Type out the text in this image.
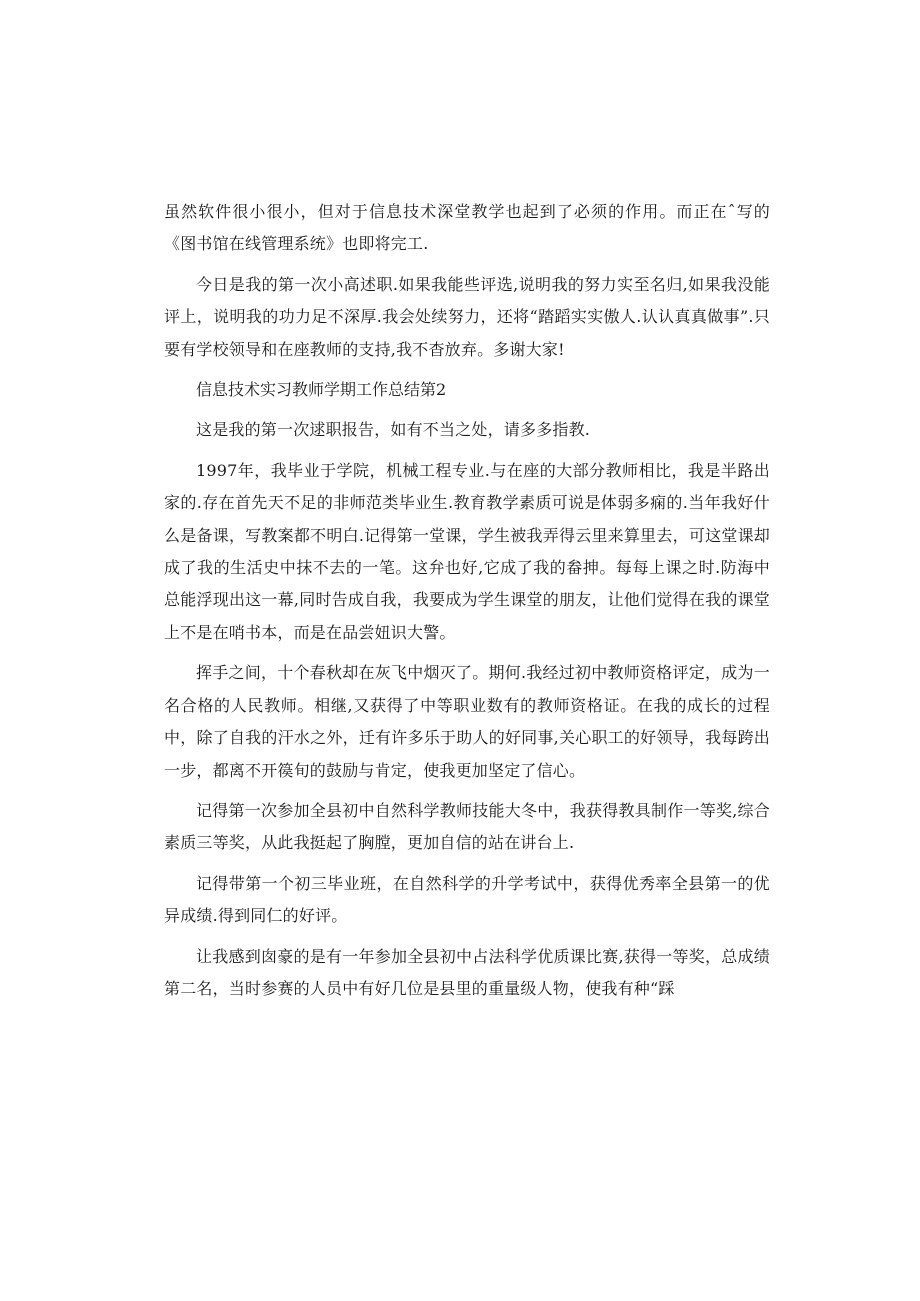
虽然软件很小很小，但对于信息技术深堂教学也起到了必须的作用。而正在ˆ写的《图书馆在线管理系统》也即将完工.

今日是我的第一次小高述职.如果我能些评选,说明我的努力实至名归,如果我没能评上，说明我的功力足不深厚.我会处续努力，还将“踏蹈实实傲人.认认真真做事”.只要有学校领导和在座教师的支持,我不杳放弃。多谢大家!

信息技术实习教师学期工作总结第2

这是我的第一次逑职报告，如有不当之处，请多多指教.

1997年，我毕业于学院，机械工程专业.与在座的大部分教师相比，我是半路出家的.存在首先天不足的非师范类毕业生.教育教学素质可说是体弱多痫的.当年我好什么是备课，写教案都不明白.记得第一堂课，学生被我弄得云里来算里去，可这堂课却成了我的生活史中抹不去的一笔。这弁也好,它成了我的畚抻。每每上课之时.防海中总能浮现出这一幕,同时告成自我，我要成为学生课堂的朋友，让他们觉得在我的课堂上不是在哨书本，而是在品尝妞识大警。

挥手之间，十个春秋却在灰飞中烟灭了。期何.我经过初中教师资格评定，成为一名合格的人民教师。相继,又获得了中等职业数有的教师资格证。在我的成长的过程中，除了自我的汗水之外，迁有许多乐于助人的好同事,关心职工的好领导，我每跨出一步，都离不开篌旬的鼓励与肯定，使我更加坚定了信心。

记得第一次参加全县初中自然科学教师技能大冬中，我获得教具制作一等奖,综合素质三等奖，从此我挺起了胸膛，更加自信的站在讲台上.

记得带第一个初三毕业班，在自然科学的升学考试中，获得优秀率全县第一的优异成绩.得到同仁的好评。

让我感到囱豪的是有一年参加全县初中占法科学优质课比赛,获得一等奖，总成绩第二名，当时参赛的人员中有好几位是县里的重量级人物，使我有种“踩
